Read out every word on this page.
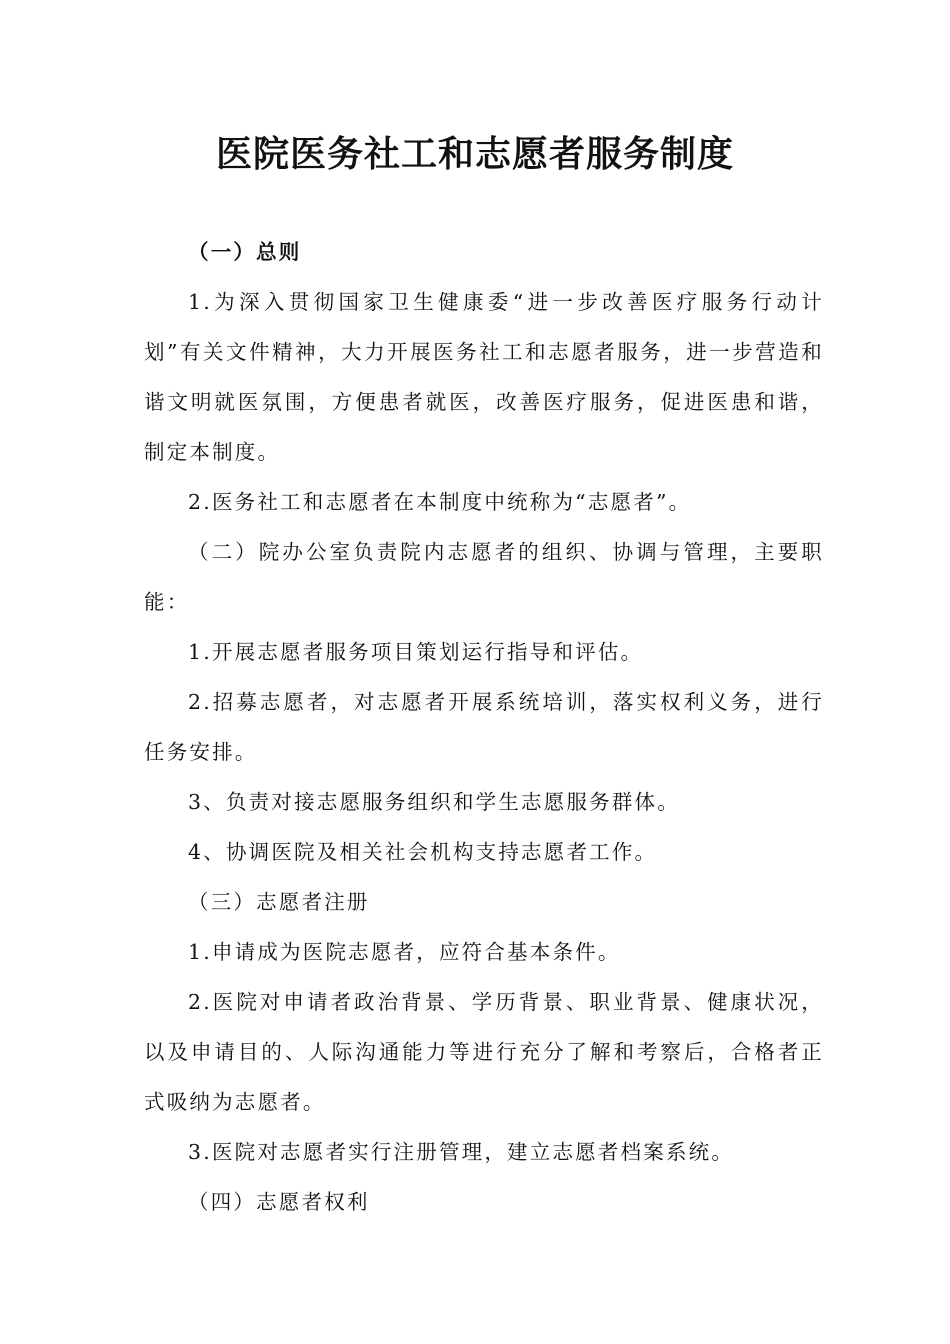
医院医务社工和志愿者服务制度

（一）总则

1.为深入贯彻国家卫生健康委“进一步改善医疗服务行动计划”有关文件精神，大力开展医务社工和志愿者服务，进一步营造和谐文明就医氛围，方便患者就医，改善医疗服务，促进医患和谐，制定本制度。

2.医务社工和志愿者在本制度中统称为“志愿者”。

（二）院办公室负责院内志愿者的组织、协调与管理，主要职能：

1.开展志愿者服务项目策划运行指导和评估。

2.招募志愿者，对志愿者开展系统培训，落实权利义务，进行任务安排。

3、负责对接志愿服务组织和学生志愿服务群体。

4、协调医院及相关社会机构支持志愿者工作。

（三）志愿者注册

1.申请成为医院志愿者，应符合基本条件。

2.医院对申请者政治背景、学历背景、职业背景、健康状况，以及申请目的、人际沟通能力等进行充分了解和考察后，合格者正式吸纳为志愿者。

3.医院对志愿者实行注册管理，建立志愿者档案系统。

（四）志愿者权利
